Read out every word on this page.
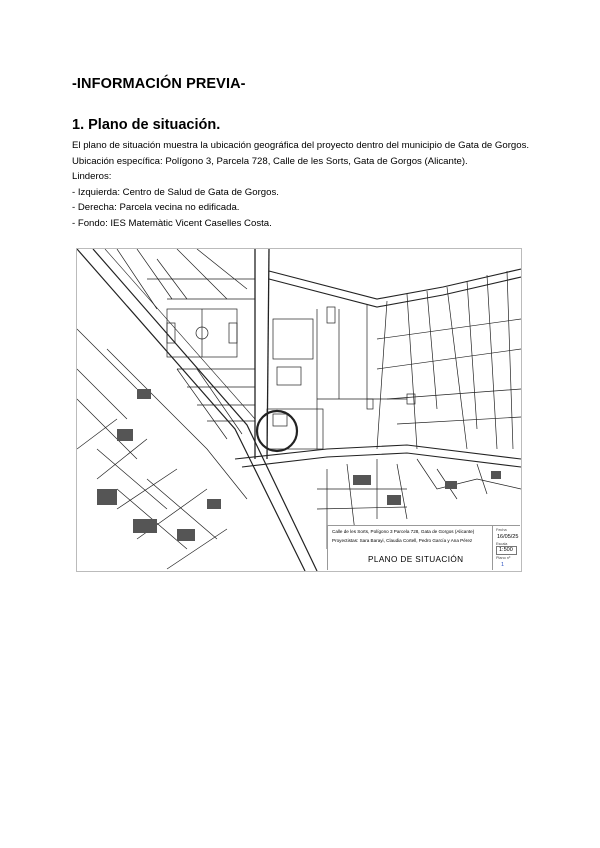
-INFORMACIÓN PREVIA-
1. Plano de situación.

El plano de situación muestra la ubicación geográfica del proyecto dentro del municipio de Gata de Gorgos.

Ubicación específica: Polígono 3, Parcela 728, Calle de les Sorts, Gata de Gorgos (Alicante).

Linderos:

- Izquierda: Centro de Salud de Gata de Gorgos.

- Derecha: Parcela vecina no edificada.

- Fondo: IES Matemàtic Vicent Caselles Costa.

Calle de les Sorts, Polígono 3 Parcela 728, Gata de Gorgos (Alicante)
Proyectistas: Sara Barayi, Claudia Cortell, Pedro García y Ana Pérez
PLANO DE SITUACIÓN
Fecha
16/05/25
Escala
1:500
Plano nº
1
